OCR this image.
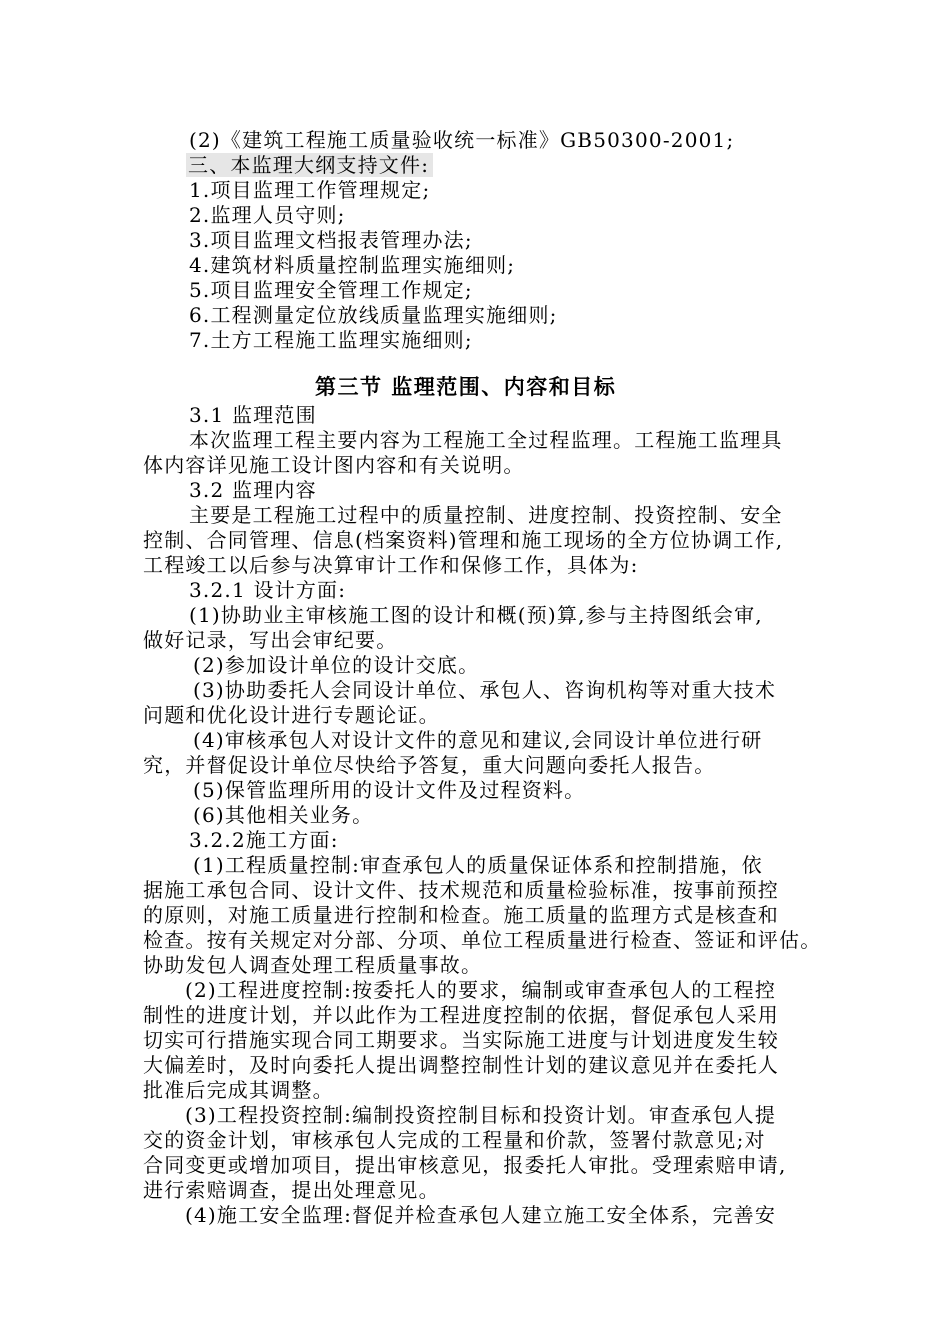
(2)《建筑工程施工质量验收统一标准》GB50300-2001;
三、本监理大纲支持文件:
1.项目监理工作管理规定;
2.监理人员守则;
3.项目监理文档报表管理办法;
4.建筑材料质量控制监理实施细则;
5.项目监理安全管理工作规定;
6.工程测量定位放线质量监理实施细则;
7.土方工程施工监理实施细则;
第三节 监理范围、内容和目标
3.1 监理范围
本次监理工程主要内容为工程施工全过程监理。工程施工监理具
体内容详见施工设计图内容和有关说明。
3.2 监理内容
主要是工程施工过程中的质量控制、进度控制、投资控制、安全
控制、合同管理、信息(档案资料)管理和施工现场的全方位协调工作,
工程竣工以后参与决算审计工作和保修工作，具体为:
3.2.1 设计方面:
(1)协助业主审核施工图的设计和概(预)算,参与主持图纸会审,
做好记录，写出会审纪要。
(2)参加设计单位的设计交底。
(3)协助委托人会同设计单位、承包人、咨询机构等对重大技术
问题和优化设计进行专题论证。
(4)审核承包人对设计文件的意见和建议,会同设计单位进行研
究，并督促设计单位尽快给予答复，重大问题向委托人报告。
(5)保管监理所用的设计文件及过程资料。
(6)其他相关业务。
3.2.2施工方面:
(1)工程质量控制:审查承包人的质量保证体系和控制措施，依
据施工承包合同、设计文件、技术规范和质量检验标准，按事前预控
的原则，对施工质量进行控制和检查。施工质量的监理方式是核查和
检查。按有关规定对分部、分项、单位工程质量进行检查、签证和评估。
协助发包人调查处理工程质量事故。
(2)工程进度控制:按委托人的要求，编制或审查承包人的工程控
制性的进度计划，并以此作为工程进度控制的依据，督促承包人采用
切实可行措施实现合同工期要求。当实际施工进度与计划进度发生较
大偏差时，及时向委托人提出调整控制性计划的建议意见并在委托人
批准后完成其调整。
(3)工程投资控制:编制投资控制目标和投资计划。审查承包人提
交的资金计划，审核承包人完成的工程量和价款，签署付款意见;对
合同变更或增加项目，提出审核意见，报委托人审批。受理索赔申请,
进行索赔调查，提出处理意见。
(4)施工安全监理:督促并检查承包人建立施工安全体系，完善安
